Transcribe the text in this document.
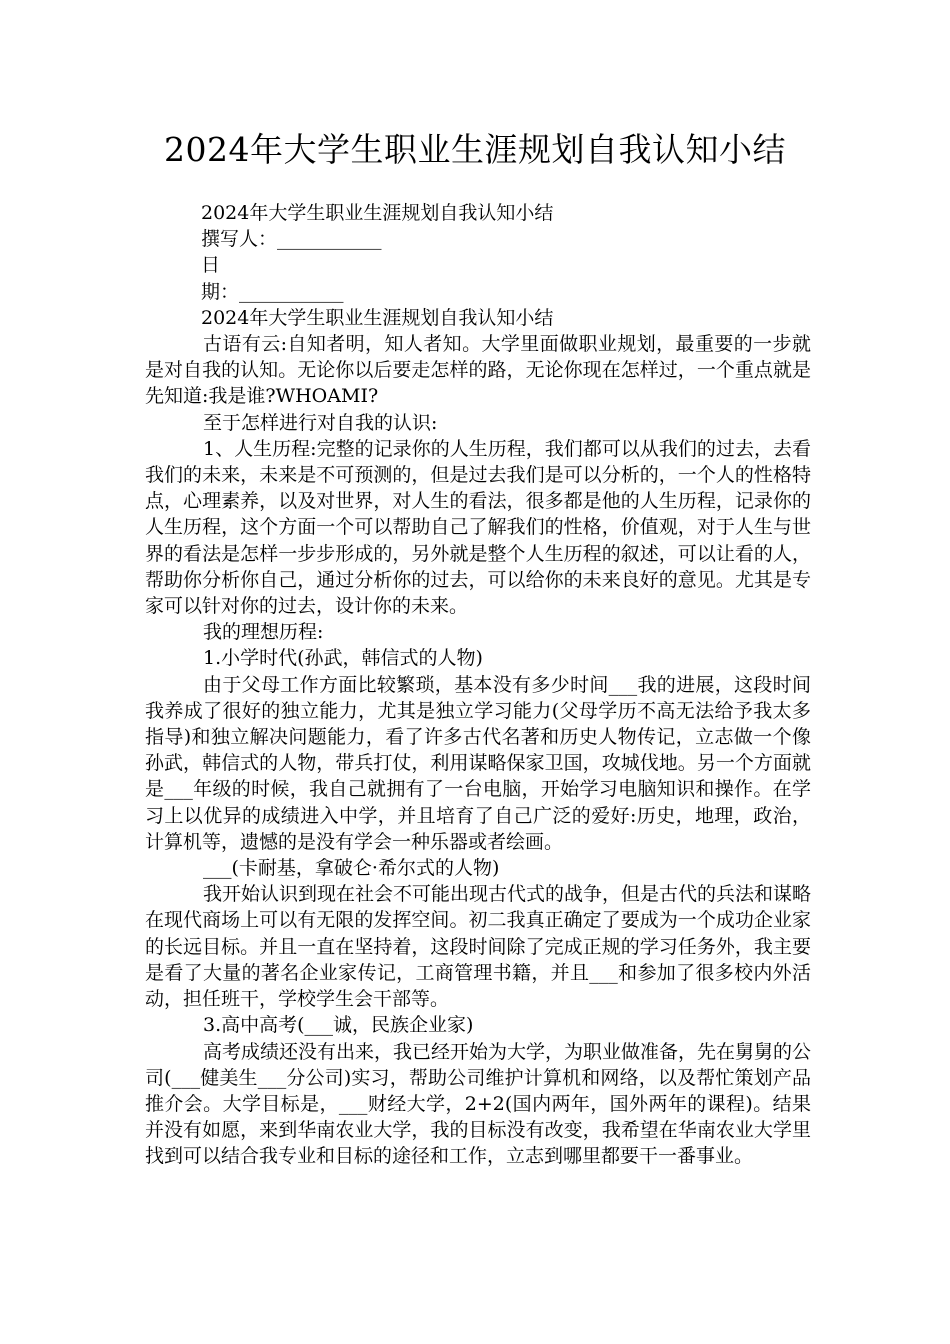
2024年大学生职业生涯规划自我认知小结
2024年大学生职业生涯规划自我认知小结
撰写人：___________
日
期：___________
2024年大学生职业生涯规划自我认知小结

古语有云:自知者明，知人者知。大学里面做职业规划，最重要的一步就是对自我的认知。无论你以后要走怎样的路，无论你现在怎样过，一个重点就是先知道:我是谁?WHOAMI?

至于怎样进行对自我的认识:

1、人生历程:完整的记录你的人生历程，我们都可以从我们的过去，去看我们的未来，未来是不可预测的，但是过去我们是可以分析的，一个人的性格特点，心理素养，以及对世界，对人生的看法，很多都是他的人生历程，记录你的人生历程，这个方面一个可以帮助自己了解我们的性格，价值观，对于人生与世界的看法是怎样一步步形成的，另外就是整个人生历程的叙述，可以让看的人，帮助你分析你自己，通过分析你的过去，可以给你的未来良好的意见。尤其是专家可以针对你的过去，设计你的未来。

我的理想历程:

1.小学时代(孙武，韩信式的人物)

由于父母工作方面比较繁琐，基本没有多少时间___我的进展，这段时间我养成了很好的独立能力，尤其是独立学习能力(父母学历不高无法给予我太多指导)和独立解决问题能力，看了许多古代名著和历史人物传记，立志做一个像孙武，韩信式的人物，带兵打仗，利用谋略保家卫国，攻城伐地。另一个方面就是___年级的时候，我自己就拥有了一台电脑，开始学习电脑知识和操作。在学习上以优异的成绩进入中学，并且培育了自己广泛的爱好:历史，地理，政治，计算机等，遗憾的是没有学会一种乐器或者绘画。

___(卡耐基，拿破仑·希尔式的人物)

我开始认识到现在社会不可能出现古代式的战争，但是古代的兵法和谋略在现代商场上可以有无限的发挥空间。初二我真正确定了要成为一个成功企业家的长远目标。并且一直在坚持着，这段时间除了完成正规的学习任务外，我主要是看了大量的著名企业家传记，工商管理书籍，并且___和参加了很多校内外活动，担任班干，学校学生会干部等。

3.高中高考(___诚，民族企业家)

高考成绩还没有出来，我已经开始为大学，为职业做准备，先在舅舅的公司(___健美生___分公司)实习，帮助公司维护计算机和网络，以及帮忙策划产品推介会。大学目标是，___财经大学，2+2(国内两年，国外两年的课程)。结果并没有如愿，来到华南农业大学，我的目标没有改变，我希望在华南农业大学里找到可以结合我专业和目标的途径和工作，立志到哪里都要干一番事业。
